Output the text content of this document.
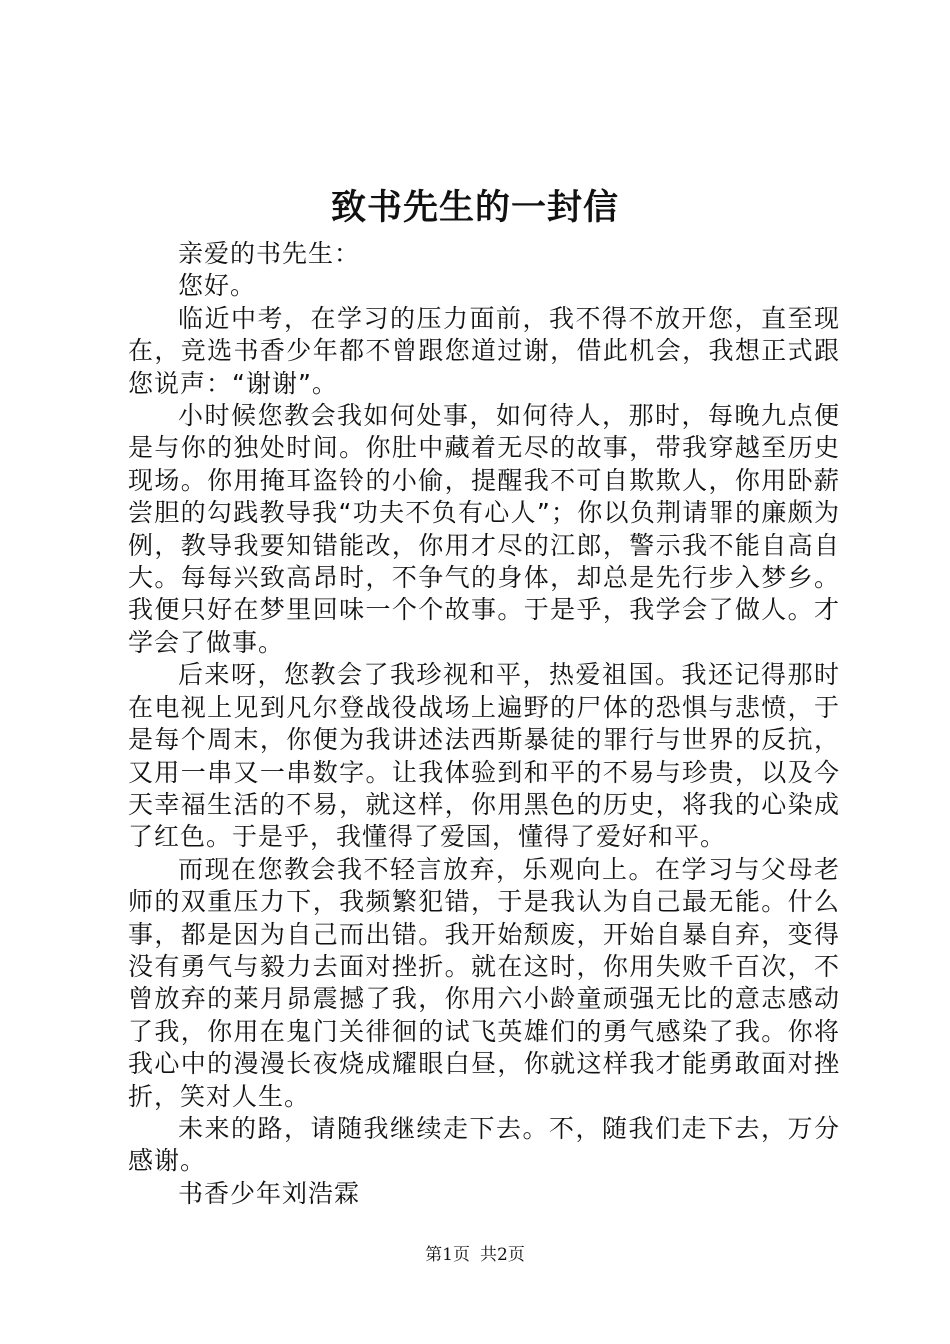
致书先生的一封信

亲爱的书先生：

您好。

临近中考，在学习的压力面前，我不得不放开您，直至现在，竞选书香少年都不曾跟您道过谢，借此机会，我想正式跟您说声：“谢谢”。

小时候您教会我如何处事，如何待人，那时，每晚九点便是与你的独处时间。你肚中藏着无尽的故事，带我穿越至历史现场。你用掩耳盗铃的小偷，提醒我不可自欺欺人，你用卧薪尝胆的勾践教导我“功夫不负有心人”；你以负荆请罪的廉颇为例，教导我要知错能改，你用才尽的江郎，警示我不能自高自大。每每兴致高昂时，不争气的身体，却总是先行步入梦乡。我便只好在梦里回味一个个故事。于是乎，我学会了做人。才学会了做事。

后来呀，您教会了我珍视和平，热爱祖国。我还记得那时在电视上见到凡尔登战役战场上遍野的尸体的恐惧与悲愤，于是每个周末，你便为我讲述法西斯暴徒的罪行与世界的反抗，又用一串又一串数字。让我体验到和平的不易与珍贵，以及今天幸福生活的不易，就这样，你用黑色的历史，将我的心染成了红色。于是乎，我懂得了爱国，懂得了爱好和平。

而现在您教会我不轻言放弃，乐观向上。在学习与父母老师的双重压力下，我频繁犯错，于是我认为自己最无能。什么事，都是因为自己而出错。我开始颓废，开始自暴自弃，变得没有勇气与毅力去面对挫折。就在这时，你用失败千百次，不曾放弃的莱月昴震撼了我，你用六小龄童顽强无比的意志感动了我，你用在鬼门关徘徊的试飞英雄们的勇气感染了我。你将我心中的漫漫长夜烧成耀眼白昼，你就这样我才能勇敢面对挫折，笑对人生。

未来的路，请随我继续走下去。不，随我们走下去，万分感谢。

书香少年刘浩霖

第1页 共2页
